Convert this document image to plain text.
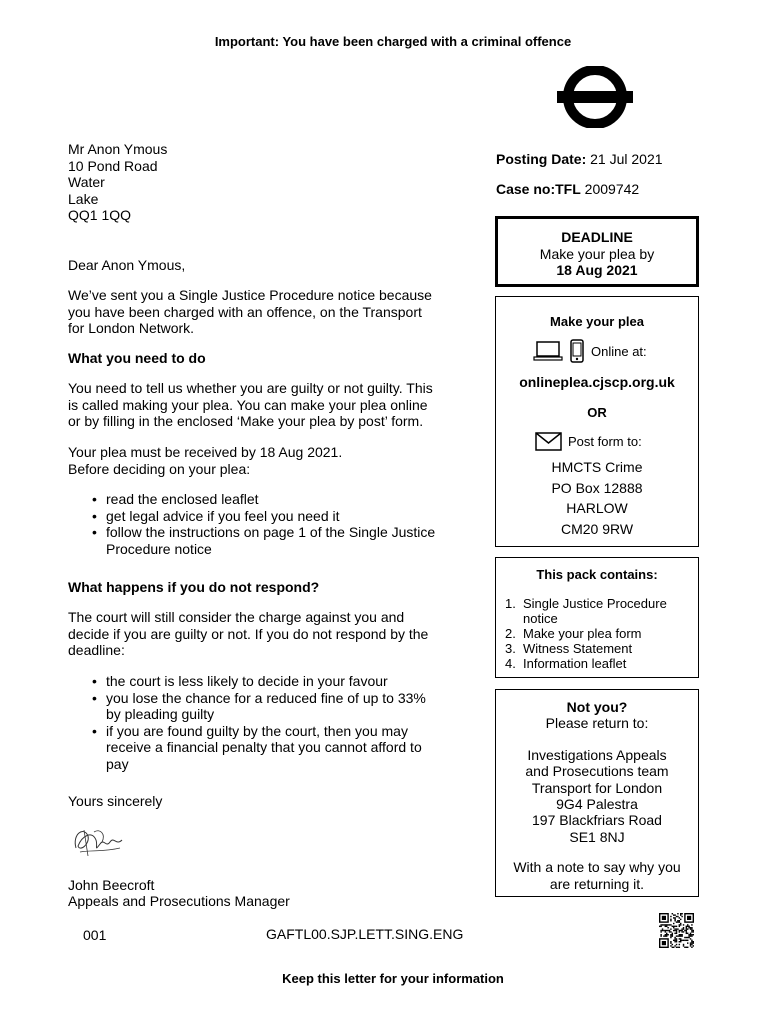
Important: You have been charged with a criminal offence
Mr Anon Ymous
10 Pond Road
Water
Lake
QQ1 1QQ
Posting Date: 21 Jul 2021
Case no:TFL 2009742
DEADLINE
Make your plea by
18 Aug 2021
Make your plea
Online at:
onlineplea.cjscp.org.uk
OR
Post form to:
HMCTS Crime
PO Box 12888
HARLOW
CM20 9RW
This pack contains:
1. Single Justice Procedure
notice
2. Make your plea form
3. Witness Statement
4. Information leaflet
Not you?
Please return to:
Investigations Appeals
and Prosecutions team
Transport for London
9G4 Palestra
197 Blackfriars Road
SE1 8NJ
With a note to say why you
are returning it.
Dear Anon Ymous,
We’ve sent you a Single Justice Procedure notice because
you have been charged with an offence, on the Transport
for London Network.
What you need to do
You need to tell us whether you are guilty or not guilty. This
is called making your plea. You can make your plea online
or by filling in the enclosed ‘Make your plea by post’ form.
Your plea must be received by 18 Aug 2021.
Before deciding on your plea:
• read the enclosed leaflet
• get legal advice if you feel you need it
• follow the instructions on page 1 of the Single Justice
Procedure notice
What happens if you do not respond?
The court will still consider the charge against you and
decide if you are guilty or not. If you do not respond by the
deadline:
• the court is less likely to decide in your favour
• you lose the chance for a reduced fine of up to 33%
by pleading guilty
• if you are found guilty by the court, then you may
receive a financial penalty that you cannot afford to
pay
Yours sincerely
John Beecroft
Appeals and Prosecutions Manager
001	GAFTL00.SJP.LETT.SING.ENG
Keep this letter for your information
